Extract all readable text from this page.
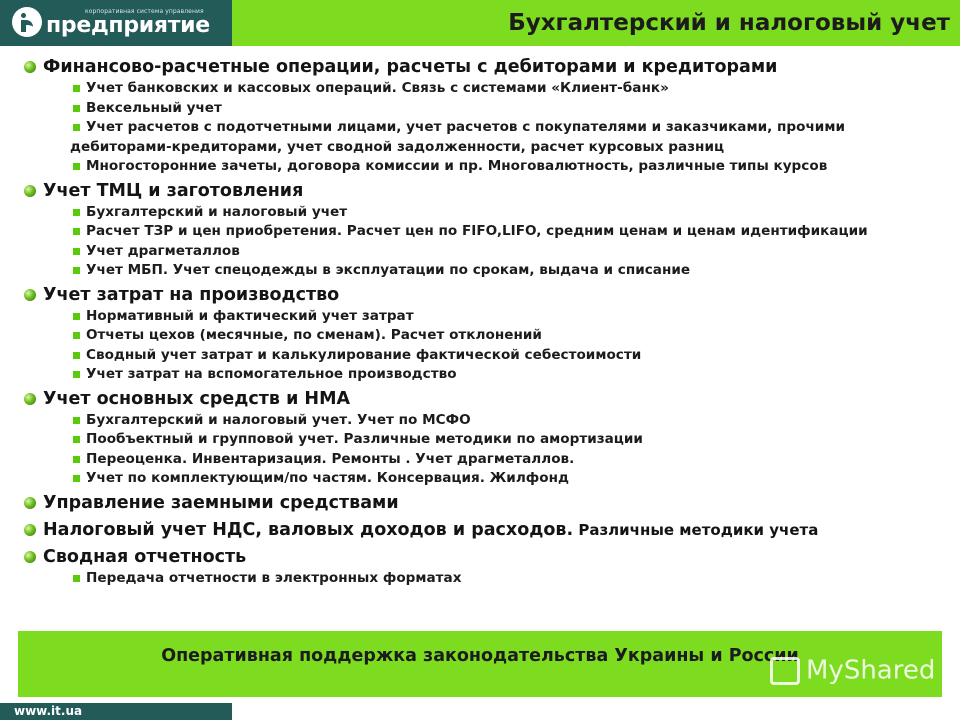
корпоративная система управления
предприятие	Бухгалтерский и налоговый учет
Финансово-расчетные операции, расчеты с дебиторами и кредиторами
Учет банковских и кассовых операций. Связь с системами «Клиент-банк»
Вексельный учет
Учет расчетов с подотчетными лицами, учет расчетов с покупателями и заказчиками, прочими
дебиторами-кредиторами, учет сводной задолженности, расчет курсовых разниц
Многосторонние зачеты, договора комиссии и пр. Многовалютность, различные типы курсов
Учет ТМЦ и заготовления
Бухгалтерский и налоговый учет
Расчет ТЗР и цен приобретения. Расчет цен по FIFO,LIFO, средним ценам и ценам идентификации
Учет драгметаллов
Учет МБП. Учет спецодежды в эксплуатации по срокам, выдача и списание
Учет затрат на производство
Нормативный и фактический учет затрат
Отчеты цехов (месячные, по сменам). Расчет отклонений
Сводный учет затрат и калькулирование фактической себестоимости
Учет затрат на вспомогательное производство
Учет основных средств и НМА
Бухгалтерский и налоговый учет. Учет по МСФО
Пообъектный и групповой учет. Различные методики по амортизации
Переоценка. Инвентаризация. Ремонты . Учет драгметаллов.
Учет по комплектующим/по частям. Консервация. Жилфонд
Управление заемными средствами
Налоговый учет НДС, валовых доходов и расходов. Различные методики учета
Сводная отчетность
Передача отчетности в электронных форматах
Оперативная поддержка законодательства Украины и России MyShared
www.it.ua
